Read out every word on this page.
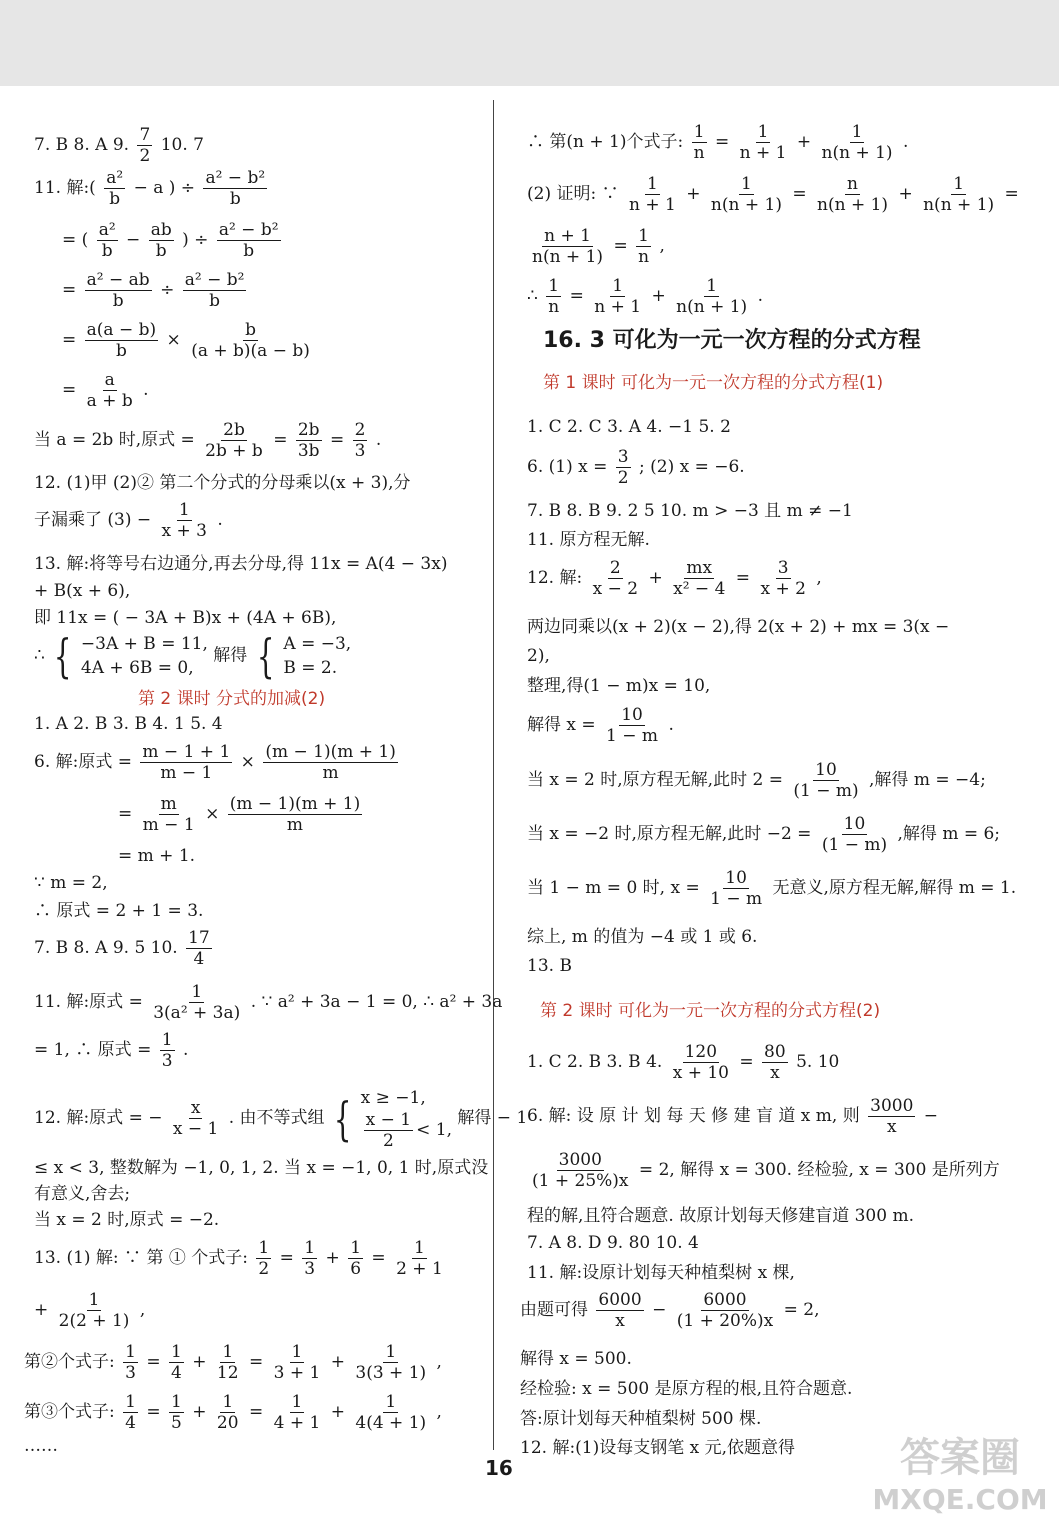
7. B 8. A 9. $\frac{7}{2} 10$. 7
11. 解:( $\frac{\text{a²}}{b} - a$ ) ÷ $\frac{\text{a² − b²}}{b}$
= ( $\frac{\text{a²}}{b} - \frac{ab}{b}$ ) ÷ $\frac{\text{a² − b²}}{b}$
= $\frac{\text{a² − ab}}{b} \div \frac{\text{a² − b²}}{b}$
= $\frac{a(a - b)}{b} \times \frac{b}{(a + b)(a - b)}$
= $\frac{a}{a + b}$ .
当 a = 2b 时,原式 = $\frac{2b}{2b + b} = \frac{2b}{3b} = \frac{2}{3}$ .
12. (1)甲 (2)② 第二个分式的分母乘以(x + 3),分
子漏乘了 $(3) - \frac{1}{x + 3}$ .
13. 解:将等号右边通分,再去分母,得 11x = A(4 − 3x)
+ B(x + 6),
即 11x = ( − 3A + B)x + (4A + 6B),
∴ { −3A + B = 11,
4A + 6B = 0,
解得 { A = −3,
B = 2.
第 2 课时 分式的加减(2)
1. A 2. B 3. B 4. 1 5. 4
6. 解:原式 = $\frac{m - 1 + 1}{m - 1} \times \frac{(m - 1)(m + 1)}{m}$
= $\frac{m}{m - 1} \times \frac{(m - 1)(m + 1)}{m}$
= m + 1.
∵ m = 2,
∴ 原式 = 2 + 1 = 3.
7. B 8. A 9. 5 10. $\frac{17}{4}$
11. 解:原式 = $\frac{1}{\text{3(a² + 3a)}}$ . ∵ a² + 3a − 1 = 0, ∴ a² + 3a
= 1, ∴ 原式 = $\frac{1}{3}$ .
12. 解:原式 = − $\frac{x}{x - 1}$ . 由不等式组 { x ≥ −1,
$\frac{x - 1}{2} < 1$,
解得 − 1
≤ x < 3, 整数解为 −1, 0, 1, 2. 当 x = −1, 0, 1 时,原式没
有意义,舍去;
当 x = 2 时,原式 = −2.
13. (1) 解: ∵ 第 ① 个式子: $\frac{1}{2} = \frac{1}{3} + \frac{1}{6} = \frac{1}{2 + 1}$
+ $\frac{1}{2(2 + 1)}$ ,
第②个式子: $\frac{1}{3} = \frac{1}{4} + \frac{1}{12} = \frac{1}{3 + 1} + \frac{1}{3(3 + 1)}$ ,
第③个式子: $\frac{1}{4} = \frac{1}{5} + \frac{1}{20} = \frac{1}{4 + 1} + \frac{1}{4(4 + 1)}$ ,
……
∴ 第(n + 1)个式子: $\frac{1}{n} = \frac{1}{n + 1} + \frac{1}{n(n + 1)}$ .
(2) 证明: ∵ $\frac{1}{n + 1} + \frac{1}{n(n + 1)} = \frac{n}{n(n + 1)} + \frac{1}{n(n + 1)}$ =
$\frac{n + 1}{n(n + 1)} = \frac{1}{n}$ ,
∴ $\frac{1}{n} = \frac{1}{n + 1} + \frac{1}{n(n + 1)}$ .
16. 3 可化为一元一次方程的分式方程
第 1 课时 可化为一元一次方程的分式方程(1)
1. C 2. C 3. A 4. −1 5. 2
6. (1) $x = \frac{3}{2}$ ; (2) x = −6.
7. B 8. B 9. 2 5 10. m > −3 且 m ≠ −1
11. 原方程无解.
12. 解: $\frac{2}{x - 2} + \frac{mx}{\text{x² − 4}} = \frac{3}{x + 2}$ ,
两边同乘以(x + 2)(x − 2),得 2(x + 2) + mx = 3(x −
2),
整理,得(1 − m)x = 10,
解得 $x = \frac{10}{1 - m}$ .
当 x = 2 时,原方程无解,此时 $2 = \frac{10}{(1 - m)}$ ,解得 m = −4;
当 x = −2 时,原方程无解,此时 $-2 = \frac{10}{(1 - m)}$ ,解得 m = 6;
当 1 − m = 0 时, $x = \frac{10}{1 - m}$ 无意义,原方程无解,解得 m = 1.
综上, m 的值为 −4 或 1 或 6.
13. B
第 2 课时 可化为一元一次方程的分式方程(2)
1. C 2. B 3. B 4. $\frac{120}{x + 10} = \frac{80}{x} 5$. 10
6. 解: 设 原 计 划 每 天 修 建 盲 道 x m, 则 $\frac{3000}{x}$ −
$\frac{3000}{(1 + 25\%)x} = 2$, 解得 x = 300. 经检验, x = 300 是所列方
程的解,且符合题意. 故原计划每天修建盲道 300 m.
7. A 8. D 9. 80 10. 4
11. 解:设原计划每天种植梨树 x 棵,
由题可得 $\frac{6000}{x} - \frac{6000}{(1 + 20\%)x} = 2$,
解得 x = 500.
经检验: x = 500 是原方程的根,且符合题意.
答:原计划每天种植梨树 500 棵.
12. 解:(1)设每支钢笔 x 元,依题意得
16	答案圈
MXQE.COM
